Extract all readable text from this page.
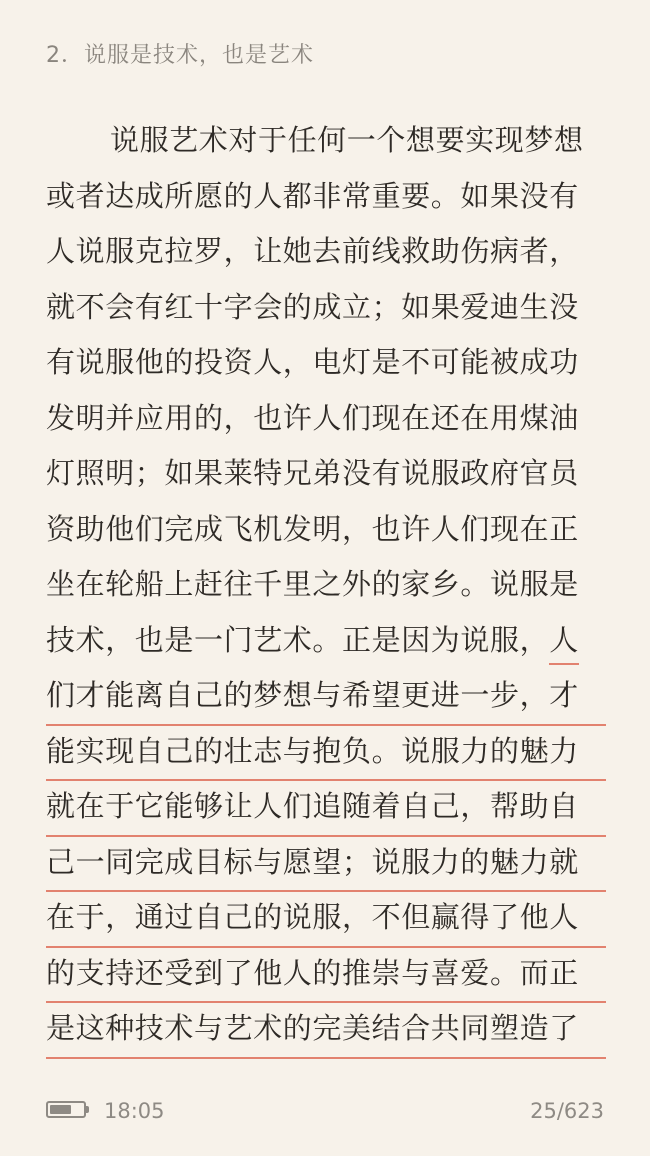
2．说服是技术，也是艺术
说服艺术对于任何一个想要实现梦想
或者达成所愿的人都非常重要。如果没有
人说服克拉罗，让她去前线救助伤病者，
就不会有红十字会的成立；如果爱迪生没
有说服他的投资人，电灯是不可能被成功
发明并应用的，也许人们现在还在用煤油
灯照明；如果莱特兄弟没有说服政府官员
资助他们完成飞机发明，也许人们现在正
坐在轮船上赶往千里之外的家乡。说服是
技术，也是一门艺术。正是因为说服，人
们才能离自己的梦想与希望更进一步，才
能实现自己的壮志与抱负。说服力的魅力
就在于它能够让人们追随着自己，帮助自
己一同完成目标与愿望；说服力的魅力就
在于，通过自己的说服，不但赢得了他人
的支持还受到了他人的推崇与喜爱。而正
是这种技术与艺术的完美结合共同塑造了
18:05	25/623
